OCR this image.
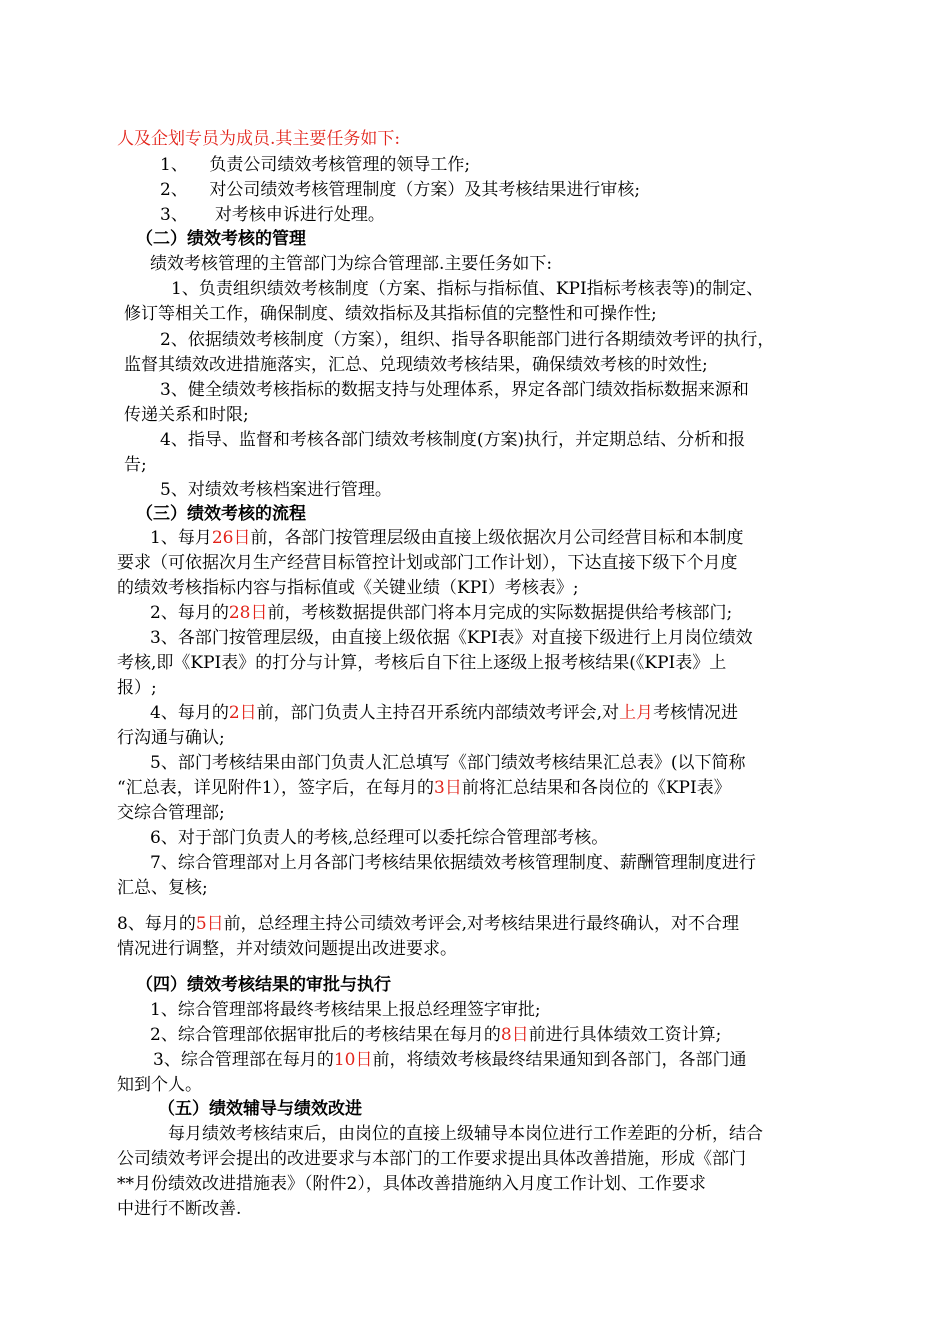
人及企划专员为成员.其主要任务如下:
1、    负责公司绩效考核管理的领导工作;
2、    对公司绩效考核管理制度（方案）及其考核结果进行审核;
3、     对考核申诉进行处理。
（二）绩效考核的管理
绩效考核管理的主管部门为综合管理部.主要任务如下:
1、负责组织绩效考核制度（方案、指标与指标值、KPI指标考核表等)的制定、
修订等相关工作，确保制度、绩效指标及其指标值的完整性和可操作性;
2、依据绩效考核制度（方案），组织、指导各职能部门进行各期绩效考评的执行，
监督其绩效改进措施落实，汇总、兑现绩效考核结果，确保绩效考核的时效性;
3、健全绩效考核指标的数据支持与处理体系，界定各部门绩效指标数据来源和
传递关系和时限;
4、指导、监督和考核各部门绩效考核制度(方案)执行，并定期总结、分析和报
告;
5、对绩效考核档案进行管理。
（三）绩效考核的流程
1、每月26日前，各部门按管理层级由直接上级依据次月公司经营目标和本制度
要求（可依据次月生产经营目标管控计划或部门工作计划），下达直接下级下个月度
的绩效考核指标内容与指标值或《关键业绩（KPI）考核表》;
2、每月的28日前，考核数据提供部门将本月完成的实际数据提供给考核部门;
3、各部门按管理层级，由直接上级依据《KPI表》对直接下级进行上月岗位绩效
考核,即《KPI表》的打分与计算，考核后自下往上逐级上报考核结果(《KPI表》上
报）;
4、每月的2日前，部门负责人主持召开系统内部绩效考评会,对上月考核情况进
行沟通与确认;
5、部门考核结果由部门负责人汇总填写《部门绩效考核结果汇总表》(以下简称
“汇总表，详见附件1），签字后，在每月的3日前将汇总结果和各岗位的《KPI表》
交综合管理部;
6、对于部门负责人的考核,总经理可以委托综合管理部考核。
7、综合管理部对上月各部门考核结果依据绩效考核管理制度、薪酬管理制度进行
汇总、复核;
8、每月的5日前，总经理主持公司绩效考评会,对考核结果进行最终确认，对不合理
情况进行调整，并对绩效问题提出改进要求。
（四）绩效考核结果的审批与执行
1、综合管理部将最终考核结果上报总经理签字审批;
2、综合管理部依据审批后的考核结果在每月的8日前进行具体绩效工资计算;
3、综合管理部在每月的10日前，将绩效考核最终结果通知到各部门，各部门通
知到个人。
（五）绩效辅导与绩效改进
每月绩效考核结束后，由岗位的直接上级辅导本岗位进行工作差距的分析，结合
公司绩效考评会提出的改进要求与本部门的工作要求提出具体改善措施，形成《部门
**月份绩效改进措施表》（附件2），具体改善措施纳入月度工作计划、工作要求
中进行不断改善.
